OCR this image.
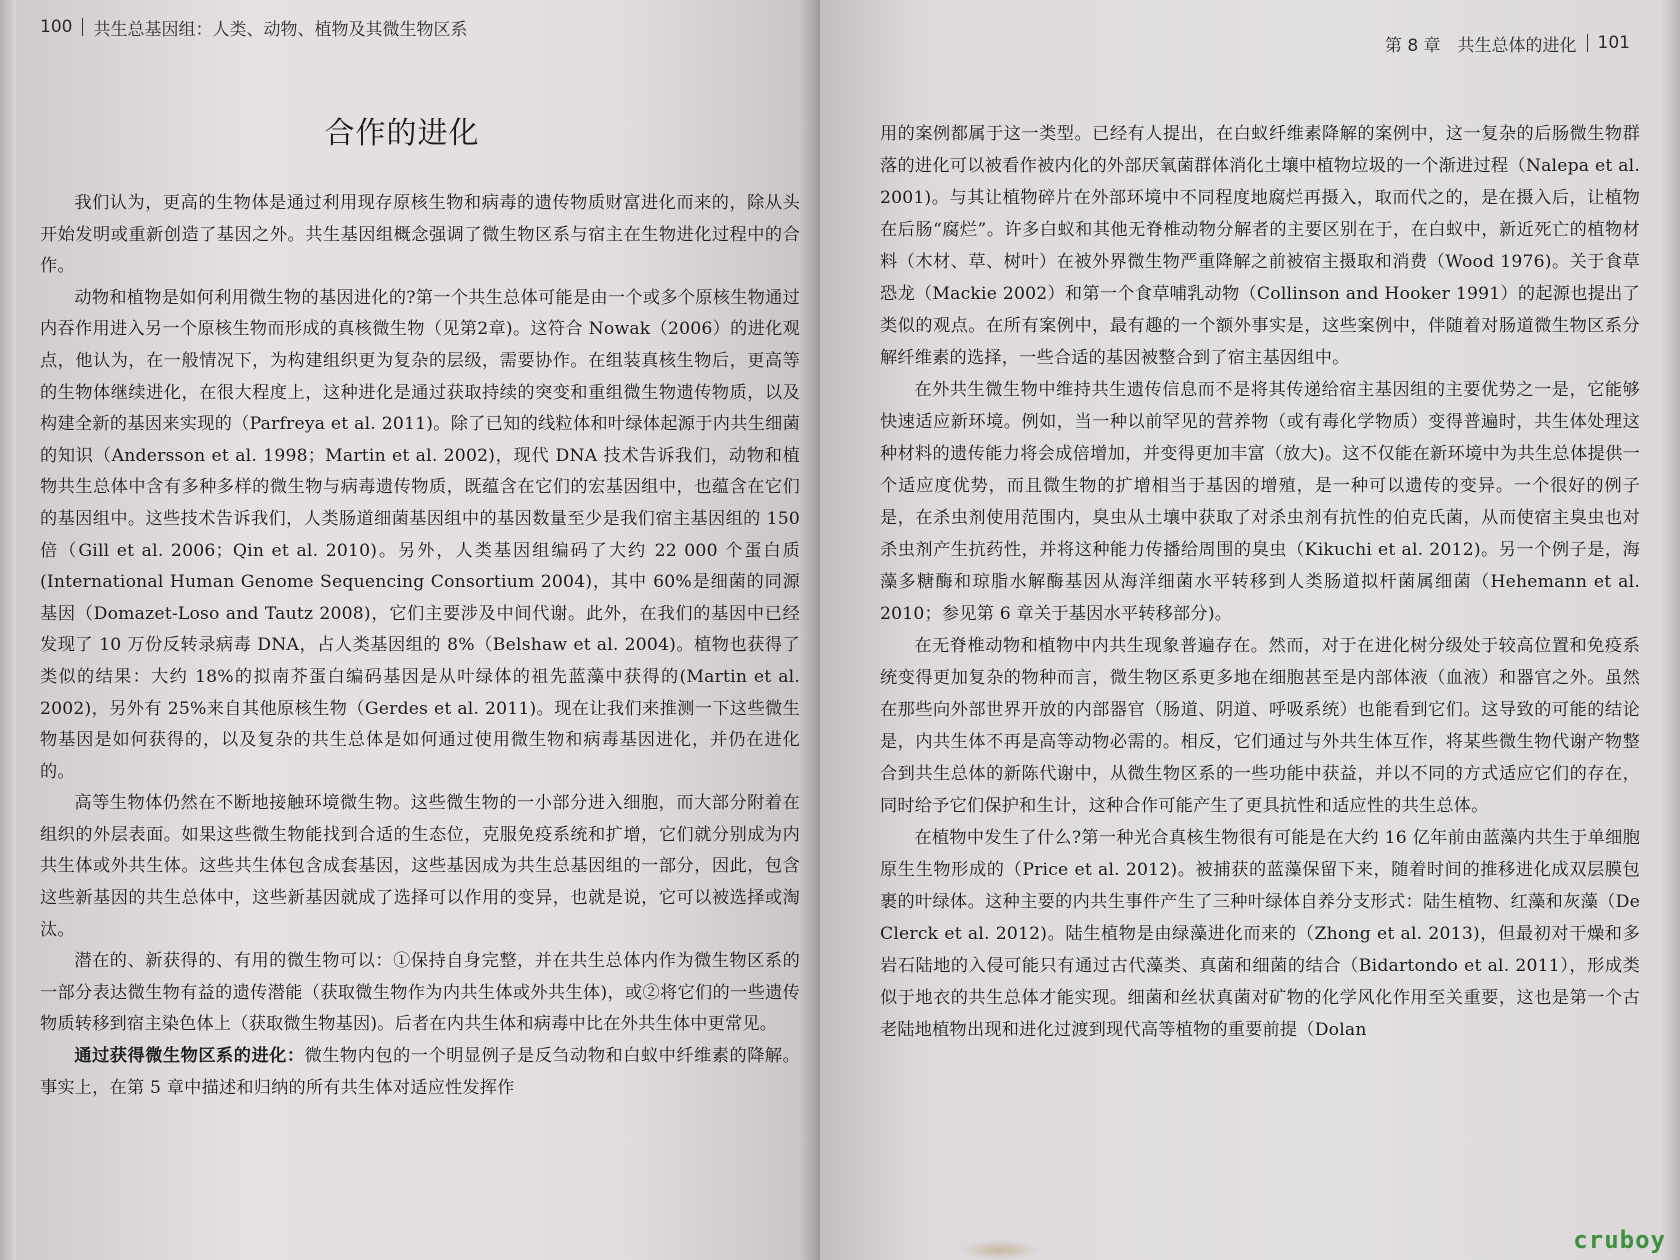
100 共生总基因组：人类、动物、植物及其微生物区系
合作的进化

我们认为，更高的生物体是通过利用现存原核生物和病毒的遗传物质财富进化而来的，除从头开始发明或重新创造了基因之外。共生基因组概念强调了微生物区系与宿主在生物进化过程中的合作。

动物和植物是如何利用微生物的基因进化的?第一个共生总体可能是由一个或多个原核生物通过内吞作用进入另一个原核生物而形成的真核微生物（见第2章)。这符合 Nowak（2006）的进化观点，他认为，在一般情况下，为构建组织更为复杂的层级，需要协作。在组装真核生物后，更高等的生物体继续进化，在很大程度上，这种进化是通过获取持续的突变和重组微生物遗传物质，以及构建全新的基因来实现的（Parfreya et al. 2011)。除了已知的线粒体和叶绿体起源于内共生细菌的知识（Andersson et al. 1998；Martin et al. 2002)，现代 DNA 技术告诉我们，动物和植物共生总体中含有多种多样的微生物与病毒遗传物质，既蕴含在它们的宏基因组中，也蕴含在它们的基因组中。这些技术告诉我们，人类肠道细菌基因组中的基因数量至少是我们宿主基因组的 150 倍（Gill et al. 2006；Qin et al. 2010)。另外，人类基因组编码了大约 22 000 个蛋白质(International Human Genome Sequencing Consortium 2004)，其中 60%是细菌的同源基因（Domazet-Loso and Tautz 2008)，它们主要涉及中间代谢。此外，在我们的基因中已经发现了 10 万份反转录病毒 DNA，占人类基因组的 8%（Belshaw et al. 2004)。植物也获得了类似的结果：大约 18%的拟南芥蛋白编码基因是从叶绿体的祖先蓝藻中获得的(Martin et al. 2002)，另外有 25%来自其他原核生物（Gerdes et al. 2011)。现在让我们来推测一下这些微生物基因是如何获得的，以及复杂的共生总体是如何通过使用微生物和病毒基因进化，并仍在进化的。

高等生物体仍然在不断地接触环境微生物。这些微生物的一小部分进入细胞，而大部分附着在组织的外层表面。如果这些微生物能找到合适的生态位，克服免疫系统和扩增，它们就分别成为内共生体或外共生体。这些共生体包含成套基因，这些基因成为共生总基因组的一部分，因此，包含这些新基因的共生总体中，这些新基因就成了选择可以作用的变异，也就是说，它可以被选择或淘汰。

潜在的、新获得的、有用的微生物可以：①保持自身完整，并在共生总体内作为微生物区系的一部分表达微生物有益的遗传潜能（获取微生物作为内共生体或外共生体)，或②将它们的一些遗传物质转移到宿主染色体上（获取微生物基因)。后者在内共生体和病毒中比在外共生体中更常见。

通过获得微生物区系的进化：微生物内包的一个明显例子是反刍动物和白蚁中纤维素的降解。事实上，在第 5 章中描述和归纳的所有共生体对适应性发挥作

第 8 章　共生总体的进化 101

用的案例都属于这一类型。已经有人提出，在白蚁纤维素降解的案例中，这一复杂的后肠微生物群落的进化可以被看作被内化的外部厌氧菌群体消化土壤中植物垃圾的一个渐进过程（Nalepa et al. 2001)。与其让植物碎片在外部环境中不同程度地腐烂再摄入，取而代之的，是在摄入后，让植物在后肠“腐烂”。许多白蚁和其他无脊椎动物分解者的主要区别在于，在白蚁中，新近死亡的植物材料（木材、草、树叶）在被外界微生物严重降解之前被宿主摄取和消费（Wood 1976)。关于食草恐龙（Mackie 2002）和第一个食草哺乳动物（Collinson and Hooker 1991）的起源也提出了类似的观点。在所有案例中，最有趣的一个额外事实是，这些案例中，伴随着对肠道微生物区系分解纤维素的选择，一些合适的基因被整合到了宿主基因组中。

在外共生微生物中维持共生遗传信息而不是将其传递给宿主基因组的主要优势之一是，它能够快速适应新环境。例如，当一种以前罕见的营养物（或有毒化学物质）变得普遍时，共生体处理这种材料的遗传能力将会成倍增加，并变得更加丰富（放大)。这不仅能在新环境中为共生总体提供一个适应度优势，而且微生物的扩增相当于基因的增殖，是一种可以遗传的变异。一个很好的例子是，在杀虫剂使用范围内，臭虫从土壤中获取了对杀虫剂有抗性的伯克氏菌，从而使宿主臭虫也对杀虫剂产生抗药性，并将这种能力传播给周围的臭虫（Kikuchi et al. 2012)。另一个例子是，海藻多糖酶和琼脂水解酶基因从海洋细菌水平转移到人类肠道拟杆菌属细菌（Hehemann et al. 2010；参见第 6 章关于基因水平转移部分)。

在无脊椎动物和植物中内共生现象普遍存在。然而，对于在进化树分级处于较高位置和免疫系统变得更加复杂的物种而言，微生物区系更多地在细胞甚至是内部体液（血液）和器官之外。虽然在那些向外部世界开放的内部器官（肠道、阴道、呼吸系统）也能看到它们。这导致的可能的结论是，内共生体不再是高等动物必需的。相反，它们通过与外共生体互作，将某些微生物代谢产物整合到共生总体的新陈代谢中，从微生物区系的一些功能中获益，并以不同的方式适应它们的存在，同时给予它们保护和生计，这种合作可能产生了更具抗性和适应性的共生总体。

在植物中发生了什么?第一种光合真核生物很有可能是在大约 16 亿年前由蓝藻内共生于单细胞原生生物形成的（Price et al. 2012)。被捕获的蓝藻保留下来，随着时间的推移进化成双层膜包裹的叶绿体。这种主要的内共生事件产生了三种叶绿体自养分支形式：陆生植物、红藻和灰藻（De Clerck et al. 2012)。陆生植物是由绿藻进化而来的（Zhong et al. 2013)，但最初对干燥和多岩石陆地的入侵可能只有通过古代藻类、真菌和细菌的结合（Bidartondo et al. 2011），形成类似于地衣的共生总体才能实现。细菌和丝状真菌对矿物的化学风化作用至关重要，这也是第一个古老陆地植物出现和进化过渡到现代高等植物的重要前提（Dolan

cruboy
